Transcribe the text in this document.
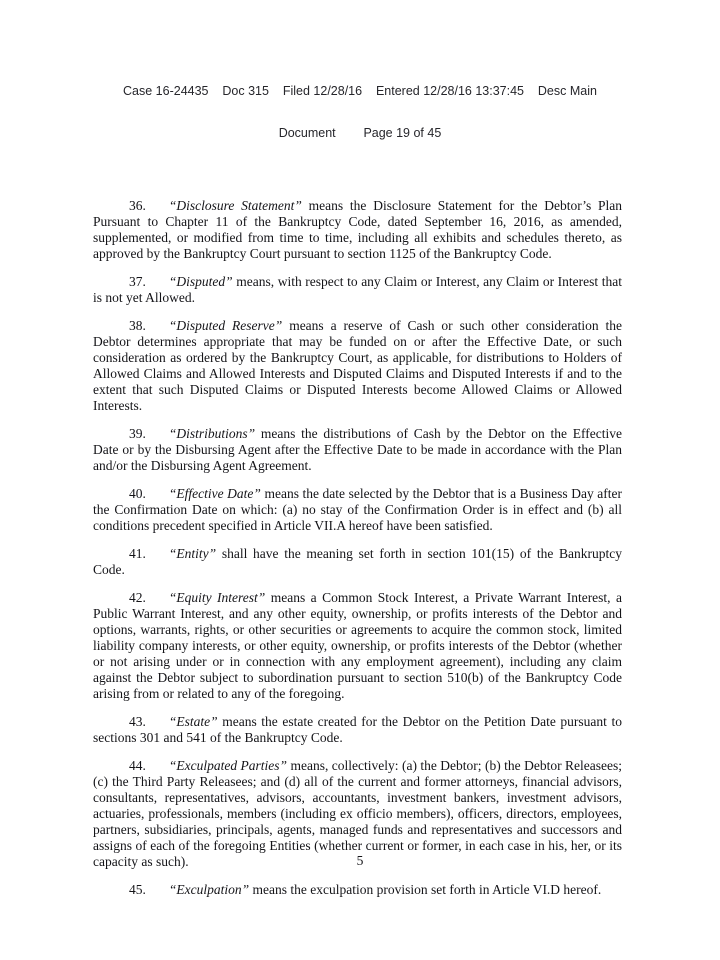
Case 16-24435    Doc 315    Filed 12/28/16    Entered 12/28/16 13:37:45    Desc Main

Document        Page 19 of 45

36. “Disclosure Statement” means the Disclosure Statement for the Debtor’s Plan Pursuant to Chapter 11 of the Bankruptcy Code, dated September 16, 2016, as amended, supplemented, or modified from time to time, including all exhibits and schedules thereto, as approved by the Bankruptcy Court pursuant to section 1125 of the Bankruptcy Code.

37. “Disputed” means, with respect to any Claim or Interest, any Claim or Interest that is not yet Allowed.

38. “Disputed Reserve” means a reserve of Cash or such other consideration the Debtor determines appropriate that may be funded on or after the Effective Date, or such consideration as ordered by the Bankruptcy Court, as applicable, for distributions to Holders of Allowed Claims and Allowed Interests and Disputed Claims and Disputed Interests if and to the extent that such Disputed Claims or Disputed Interests become Allowed Claims or Allowed Interests.

39. “Distributions” means the distributions of Cash by the Debtor on the Effective Date or by the Disbursing Agent after the Effective Date to be made in accordance with the Plan and/or the Disbursing Agent Agreement.

40. “Effective Date” means the date selected by the Debtor that is a Business Day after the Confirmation Date on which: (a) no stay of the Confirmation Order is in effect and (b) all conditions precedent specified in Article VII.A hereof have been satisfied.

41. “Entity” shall have the meaning set forth in section 101(15) of the Bankruptcy Code.

42. “Equity Interest” means a Common Stock Interest, a Private Warrant Interest, a Public Warrant Interest, and any other equity, ownership, or profits interests of the Debtor and options, warrants, rights, or other securities or agreements to acquire the common stock, limited liability company interests, or other equity, ownership, or profits interests of the Debtor (whether or not arising under or in connection with any employment agreement), including any claim against the Debtor subject to subordination pursuant to section 510(b) of the Bankruptcy Code arising from or related to any of the foregoing.

43. “Estate” means the estate created for the Debtor on the Petition Date pursuant to sections 301 and 541 of the Bankruptcy Code.

44. “Exculpated Parties” means, collectively: (a) the Debtor; (b) the Debtor Releasees; (c) the Third Party Releasees; and (d) all of the current and former attorneys, financial advisors, consultants, representatives, advisors, accountants, investment bankers, investment advisors, actuaries, professionals, members (including ex officio members), officers, directors, employees, partners, subsidiaries, principals, agents, managed funds and representatives and successors and assigns of each of the foregoing Entities (whether current or former, in each case in his, her, or its capacity as such).

45. “Exculpation” means the exculpation provision set forth in Article VI.D hereof.

5
